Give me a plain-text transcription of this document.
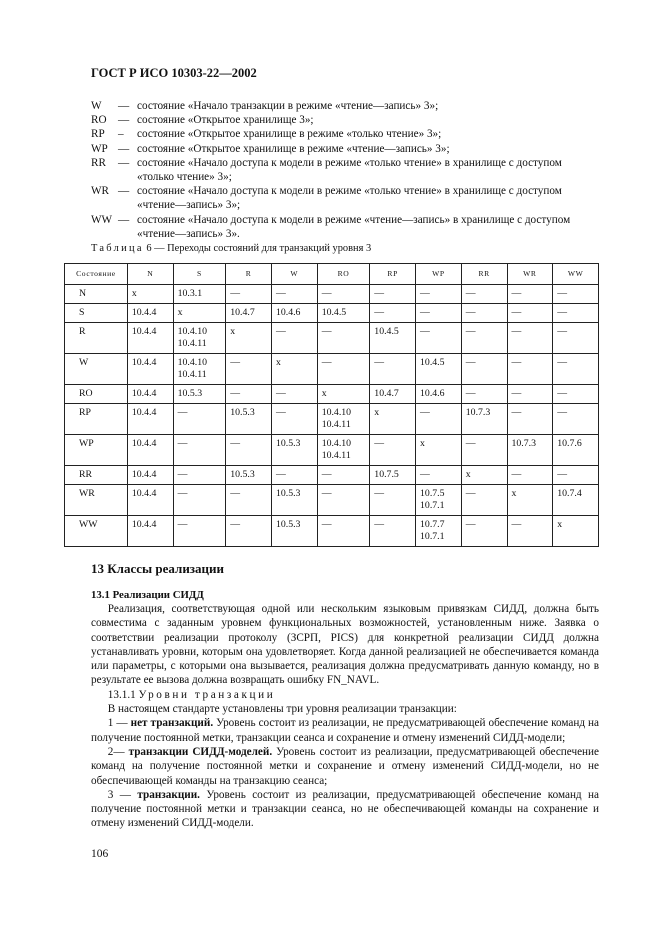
ГОСТ Р ИСО 10303-22—2002
W	— состояние «Начало транзакции в режиме «чтение—запись» 3»;
RO	— состояние «Открытое хранилище 3»;
RP	–	состояние «Открытое хранилище в режиме «только чтение» 3»;
WP — состояние «Открытое хранилище в режиме «чтение—запись» 3»;
RR	— состояние «Начало доступа к модели в режиме «только чтение» в хранилище с доступом «только чтение» 3»;
WR — состояние «Начало доступа к модели в режиме «только чтение» в хранилище с доступом «чтение—запись» 3»;
WW — состояние «Начало доступа к модели в режиме «чтение—запись» в хранилище с доступом «чтение—запись» 3».
Таблица 6 — Переходы состояний для транзакций уровня 3
Состояние	N	S	R	W	RO	RP	WP	RR	WR	WW
N	x	10.3.1	—	—	—	—	—	—	—	—
S	10.4.4	x	10.4.7	10.4.6	10.4.5	—	—	—	—	—
R	10.4.4	10.4.10
10.4.11	x	—	—	10.4.5	—	—	—	—
W	10.4.4	10.4.10
10.4.11	—	x	—	—	10.4.5	—	—	—
RO	10.4.4	10.5.3	—	—	x	10.4.7	10.4.6	—	—	—
RP	10.4.4	—	10.5.3	—	10.4.10
10.4.11	x	—	10.7.3	—	—
WP	10.4.4	—	—	10.5.3	10.4.10
10.4.11	—	x	—	10.7.3	10.7.6
RR	10.4.4	—	10.5.3	—	—	10.7.5	—	x	—	—
WR	10.4.4	—	—	10.5.3	—	—	10.7.5
10.7.1	—	x	10.7.4
WW	10.4.4	—	—	10.5.3	—	—	10.7.7
10.7.1	—	—	x
13 Классы реализации
13.1 Реализации СИДД

  Реализация, соответствующая одной или нескольким языковым привязкам СИДД, должна быть совместима с заданным уровнем функциональных возможностей, установленным ниже. Заявка о соответствии реализации протоколу (ЗСРП, PICS) для конкретной реализации СИДД должна устанавливать уровни, которым она удовлетворяет. Когда данной реализацией не обеспечивается команда или параметры, с которыми она вызывается, реализация должна предусматривать данную команду, но в результате ее вызова должна возвращать ошибку FN_NAVL.

  13.1.1 Уровни транзакции

  В настоящем стандарте установлены три уровня реализации транзакции:

  1 — нет транзакций. Уровень состоит из реализации, не предусматривающей обеспечение команд на получение постоянной метки, транзакции сеанса и сохранение и отмену изменений СИДД-модели;

  2— транзакции СИДД-моделей. Уровень состоит из реализации, предусматривающей обеспечение команд на получение постоянной метки и сохранение и отмену изменений СИДД-модели, но не обеспечивающей команды на транзакцию сеанса;

  3 — транзакции. Уровень состоит из реализации, предусматривающей обеспечение команд на получение постоянной метки и транзакции сеанса, но не обеспечивающей команды на сохранение и отмену изменений СИДД-модели.

106
